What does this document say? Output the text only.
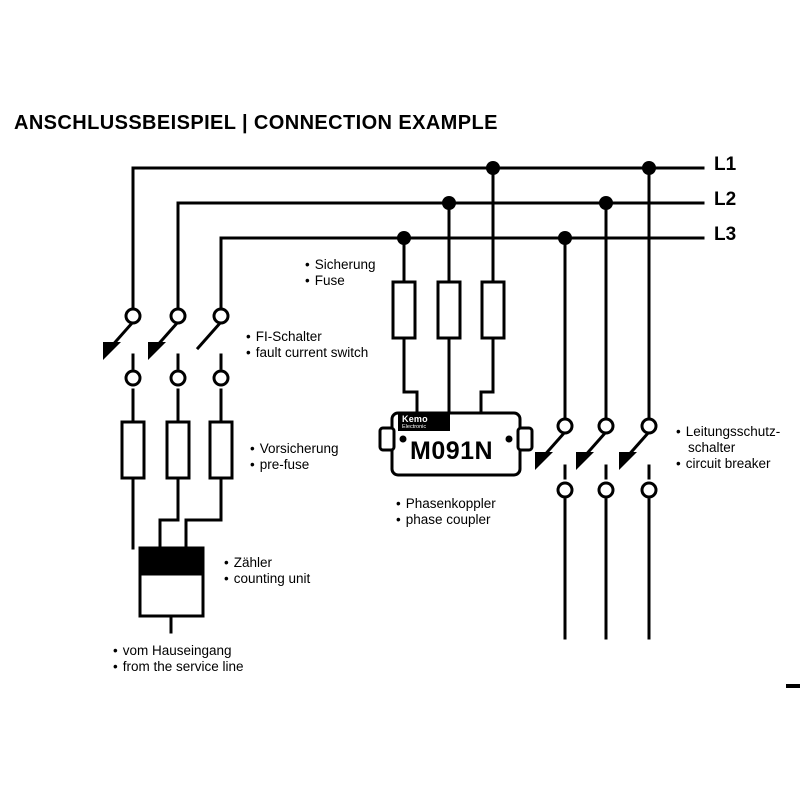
ANSCHLUSSBEISPIEL | CONNECTION EXAMPLE
Kemo
Electronic
M091N
L1
L2
L3
• Sicherung
• Fuse
• FI-Schalter
• fault current switch
• Vorsicherung
• pre-fuse
• Zähler
• counting unit
• vom Hauseingang
• from the service line
• Phasenkoppler
• phase coupler
• Leitungsschutz-
schalter
• circuit breaker
